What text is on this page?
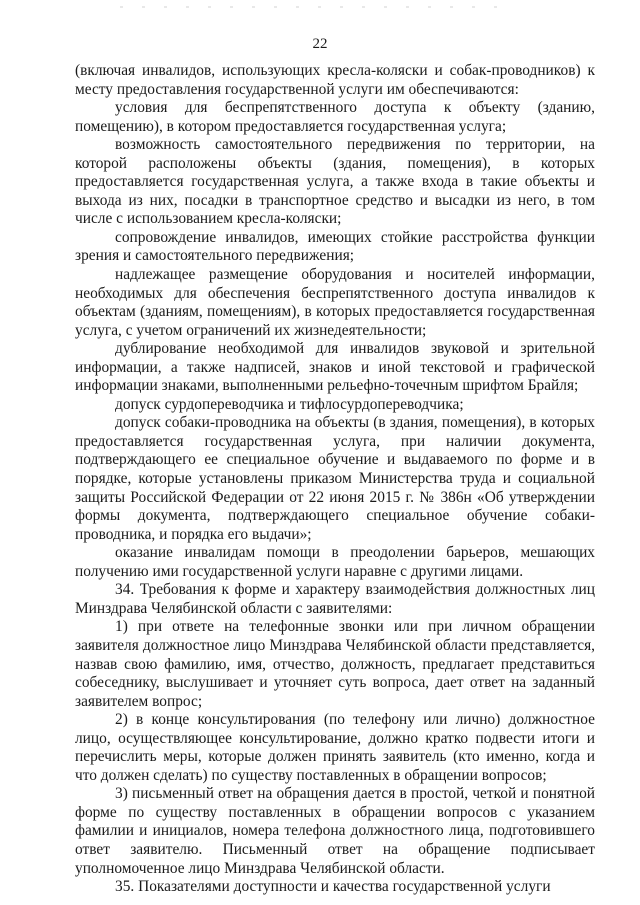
22

(включая инвалидов, использующих кресла-коляски и собак-проводников) к месту предоставления государственной услуги им обеспечиваются:

условия для беспрепятственного доступа к объекту (зданию, помещению), в котором предоставляется государственная услуга;

возможность самостоятельного передвижения по территории, на которой расположены объекты (здания, помещения), в которых предоставляется государственная услуга, а также входа в такие объекты и выхода из них, посадки в транспортное средство и высадки из него, в том числе с использованием кресла-коляски;

сопровождение инвалидов, имеющих стойкие расстройства функции зрения и самостоятельного передвижения;

надлежащее размещение оборудования и носителей информации, необходимых для обеспечения беспрепятственного доступа инвалидов к объектам (зданиям, помещениям), в которых предоставляется государственная услуга, с учетом ограничений их жизнедеятельности;

дублирование необходимой для инвалидов звуковой и зрительной информации, а также надписей, знаков и иной текстовой и графической информации знаками, выполненными рельефно-точечным шрифтом Брайля;

допуск сурдопереводчика и тифлосурдопереводчика;

допуск собаки-проводника на объекты (в здания, помещения), в которых предоставляется государственная услуга, при наличии документа, подтверждающего ее специальное обучение и выдаваемого по форме и в порядке, которые установлены приказом Министерства труда и социальной защиты Российской Федерации от 22 июня 2015 г. № 386н «Об утверждении формы документа, подтверждающего специальное обучение собаки-проводника, и порядка его выдачи»;

оказание инвалидам помощи в преодолении барьеров, мешающих получению ими государственной услуги наравне с другими лицами.

34. Требования к форме и характеру взаимодействия должностных лиц Минздрава Челябинской области с заявителями:

1) при ответе на телефонные звонки или при личном обращении заявителя должностное лицо Минздрава Челябинской области представляется, назвав свою фамилию, имя, отчество, должность, предлагает представиться собеседнику, выслушивает и уточняет суть вопроса, дает ответ на заданный заявителем вопрос;

2) в конце консультирования (по телефону или лично) должностное лицо, осуществляющее консультирование, должно кратко подвести итоги и перечислить меры, которые должен принять заявитель (кто именно, когда и что должен сделать) по существу поставленных в обращении вопросов;

3) письменный ответ на обращения дается в простой, четкой и понятной форме по существу поставленных в обращении вопросов с указанием фамилии и инициалов, номера телефона должностного лица, подготовившего ответ заявителю. Письменный ответ на обращение подписывает уполномоченное лицо Минздрава Челябинской области.

35. Показателями доступности и качества государственной услуги
